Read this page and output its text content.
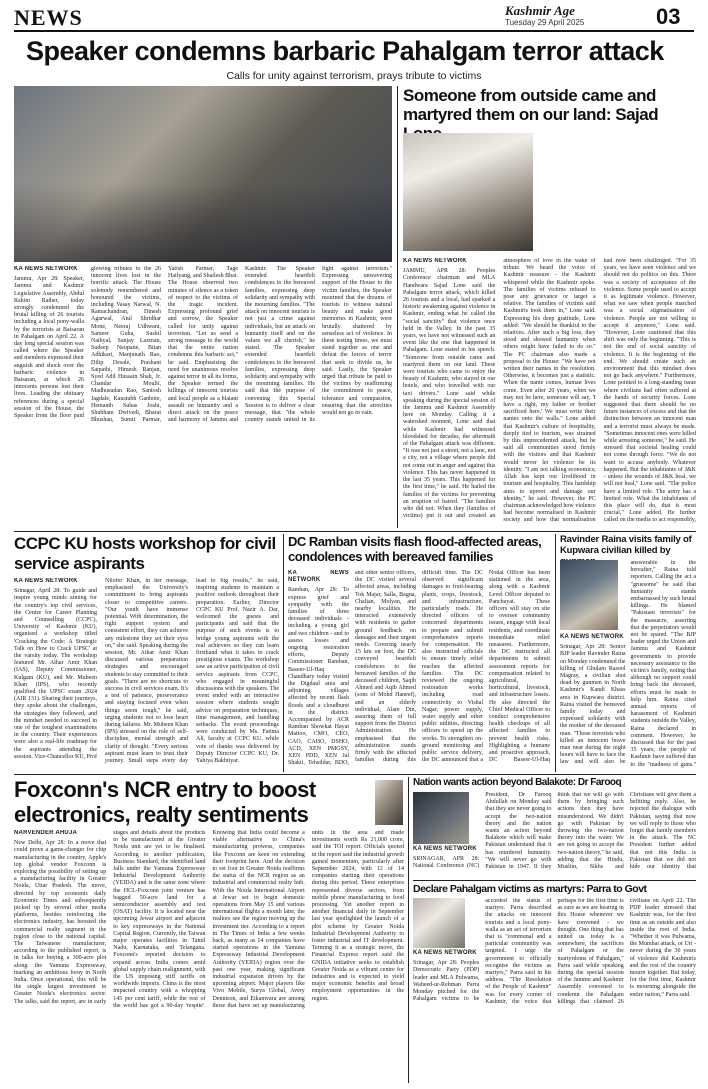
NEWS	Kashmir Age
Tuesday 29 April 2025	03
Speaker condemns barbaric Pahalgam terror attack
Calls for unity against terrorism, prays tribute to victims
KA NEWS NETWORK
Jammu, Apr 28: Speaker, Jammu and Kashmir Legislative Assembly, Abdul Rahim Rather, today strongly condemned the brutal killing of 26 tourists including a local pony-walla by the terrorists at Baisaran in Pahalgam on April 22. A day long special session was called where the Speaker and members expressed their anguish and shock over the barbaric violence in Baisaran, at which 26 innocents persons lost their lives. Leading the obituary references during a special session of the House, the Speaker from the floor paid glowing tributes to the 26 innocent lives lost in the horrific attack. The House solemnly remembered and honoured the victims, including Vasay Narwal, N. Ramachandran, Dinesh Agarwal, Atul Shridhar Mone, Neeraj Udhwani, Sameer Guha, Sushil Nathyal, Sanjay Laxman, Sudeep Neupane, Bitan Adhikari, Manjunath Rao, Dilip Desale, Prashant Satpathi, Himesh Ranjan, Syed Adil Hussain Shah, Jr. Chandar Moulii, Madhusudan Rao, Santosh Jagdale, Kaustubh Ganbote, Hemanth Suhas Joshi, Shubham Dwivedi, Bharat Bhushan, Sumit Parmar, Yatish Parmar, Tage Hailyang, and Shailesh Bhai. The House observed two minutes of silence as a token of respect to the victims of the tragic incident. Expressing profound grief and sorrow, the Speaker called for unity against terrorism. "Let us send a strong message to the world that the entire nation condemns this barbaric act," he said. Emphasising the need for unanimous resolve against terror in all its forms, the Speaker termed the killings of innocent tourists and local people as a blatant assault on humanity and a direct attack on the peace and harmony of Jammu and Kashmir. The Speaker extended heartfelt condolences to the bereaved families, expressing deep solidarity and sympathy with the mourning families. "The attack on innocent tourists is not just a crime against individuals, but an attack on humanity itself and on the values we all cherish," he stated. The Speaker extended heartfelt condolences to the bereaved families, expressing deep solidarity and sympathy with the mourning families. He said that the purpose of convening this Special Session is to deliver a clear message, that "the whole country stands united in its fight against terrorism." Expressing unwavering support of the House to the victim families, the Speaker mourned that the dreams of tourists to witness natural beauty and make good memories in Kashmir, were brutally shattered by senseless act of violence. In these testing times, we must stand together as one and defeat the forces of terror that seek to divide us, he said. Lastly, the Speaker urged that tribute be paid to the victims by reaffirming the commitment to peace, tolerance and compassion, ensuring that the atrocities would not go in vain.
Someone from outside came and martyred them on our land: Sajad
KA NEWS NETWORK
JAMMU, APR 28: Peoples Conference chairman and MLA Handwara Sajad Lone said the Pahalgam terror attack, which killed 26 tourists and a local, had sparked a historic awakening against violence in Kashmir, ending what he called the "social sanctity" that violence once held in the Valley. In the past 35 years, we have not witnessed such an event like the one that happened in Pahalgam. Lone stated in his speech. "Someone from outside came and martyred them on our land. These were tourists who came to enjoy the beauty of Kashmir, who stayed in our hotels, and who travelled with our taxi drivers." Lone said while speaking during the special session of the Jammu and Kashmir Assembly here on Monday. Calling it a watershed moment, Lone said that while Kashmir had witnessed bloodshed for decades, the aftermath of the Pahalgam attack was different. "It was not just a street, not a lane, not a city, not a village where people did not come out in anger and against this violence. This has never happened in the last 35 years. This happened for the first time," he said. He hailed the families of the victims for preventing an eruption of hatred. "The families who did not. When they (families of victims) put it out and created an atmosphere of love in the wake of tribute. We heard the voice of Kashmir reassure - the Kashmir whispered while the Kashmir spoke. The families of victims refused to pose any grievance or target a relative. The families of victims said Kashmiris took them in," Lone said. Expressing his deep gratitude, Lone added: "We should be thankful to the relatives. After such a big loss, they stood and showed humanity when others might have failed to do so." The PC chairman also made a proposal to the House: "We have not written their names in the resolution. Otherwise, it becomes just a statistic. When the name comes, human lives come. Even after 20 years, when we may not be here, someone will say, 'I have a right, my father or brother sacrificed here.' We must write their names onto the walls." Lone added that Kashmir's culture of hospitality, deeply tied to tourism, was strained by this unprecedented attack, but he said all communities stood firmly with the visitors and that Kashmir would never let violence be its identity. "I am not talking economics; Allah has kept our livelihood in tourism and hospitality. This hardship aims to uproot and damage our identity," he said. However, the PC chairman acknowledged how violence had become normalised in Kashmir society and how that normalisation had now been challenged. "For 35 years, we have seen violence and we should not do politics on this. There was a society of acceptance of the violence. Some people used to accept it as legitimate violence. However, what we saw when people marched was a social stigmatisation of violence. People are not willing to accept it anymore," Lone said. "However, Lone cautioned that this shift was only the beginning. "This is not the end of social sanctity of violence. It is the beginning of the end. We should create such an environment that this mindset does not go back anywhere." Furthermore, Lone pointed to a long-standing issue where civilians had often suffered at the hands of security forces. Lone suggested that there should be no future instances of excess and that the distinction between an innocent man and a terrorist must always be made. "Sometimes innocent ones were killed while arresting someone," he said. He stressed that societal healing could not come through force. "We do not want to accuse anybody. Whatever happened. But the inhabitants of J&K - unless the wounds of J&K heal, we will not heal," Lone said. "The police have a limited role. The army has a limited role. What the inhabitants of this place will do, that is most crucial," Lone added. He further called on the media to act responsibly,
CCPC KU hosts workshop for civil service aspirants
KA NEWS NETWORK
Srinagar, April 28: To guide and inspire young minds aiming for the country's top civil services, the Centre for Career Planning and Counselling (CCPC), University of Kashmir (KU), organised a workshop titled 'Cracking the Code: A Strategic Talk on How to Crack UPSC' at the varsity today. The workshop featured Mr. Athar Amir Khan (IAS), Deputy Commissioner, Kulgam (KU), and Mr. Mubeen Khan (IPS), who recently qualified the UPSC exam 2024 (AIR 131). Sharing their journeys, they spoke about the challenges, the strategies they followed, and the mindset needed to succeed in one of the toughest examinations in the country. Their experiences were also a real-life roadmap for the aspirants attending the session. Vice-Chancellor KU, Prof Nilofer Khan, in her message, emphasised the University's commitment to bring aspirants closer to competitive careers. "Our youth have immense potential. With determination, the right support system and consistent effort, they can achieve any milestone they set their eyes on," she said. Speaking during the session, Mr. Athar Amir Khan discussed various preparation strategies and encouraged students to stay committed to their goals. "There are no shortcuts to success in civil services exam. It's a test of patience, perseverance and staying focused even when things seem tough," he said, urging students not to lose heart during failures. Mr. Mubeen Khan (IPS) stressed on the role of self-discipline, mental strength and clarity of thought. "Every serious aspirant must learn to trust their journey. Small steps every day lead to big results," he said, inspiring students to maintain a positive outlook throughout their preparation. Earlier, Director CCPC KU Prof. Nazir A. Dar, welcomed the guests and participants and said that the purpose of such events is to bridge young aspirants with the real achievers so they can learn firsthand what it takes to crack prestigious exams. The workshop saw an active participation of civil service aspirants from CCPC, who engaged in meaningful discussions with the speakers. The event ended with an interactive session where students sought advice on preparation techniques, time management, and handling setbacks. The event proceedings were conducted by Ms. Fatima Ali, faculty at CCPC KU, while vote of thanks was delivered by Deputy Director CCPC KU, Dr. Yahiya Bakhtiyar.
DC Ramban visits flash flood-affected areas, condolences with bereaved families
KA NEWS NETWORK
Ramban, Apr 28: To express grief and sympathy with the families of three deceased individuals - including a young girl and two children - and to assess losses and ongoing restoration efforts, Deputy Commissioner Ramban, Baseer-Ul-Haq Chaudhary today visited the Digdaul area and adjoining villages affected by recent flash floods and a cloudburst in the district. Accompanied by ACR Ramban Showkat Hayat Mattoo, CMO, CEO, CAO, CAHO, DSHO, ACD, XEN PMGSY, XEN PDD, XEN Jal Shakti, Tehsildar, BDO, and other senior officers, the DC visited several affected areas, including Tok Majar, Salla, Bagna, Chalian, Molyan, and nearby localities. He interacted extensively with residents to gather ground feedback on damages and their urgent needs. Covering nearly 15 km on foot, the DC conveyed heartfelt condolences to the bereaved families of the deceased children, Saqib Ahmed and Aqib Ahmed (sons of Mohd Haneef), and an elderly individual, Alam Din, assuring them of full support from the District Administration. He emphasised that the administration stands firmly with the affected families during this difficult time. The DC observed significant damages to fruit-bearing plants, crops, livestock, and infrastructure, particularly roads. He directed officers of concerned departments to prepare and submit comprehensive reports for compensation. He also instructed officials to ensure timely relief reaches the affected families. The DC reviewed the ongoing restoration works including road connectivity to Vishal Nagar, power supply, water supply and other public utilities, directing officers to speed up the works. To strengthen on-ground monitoring and public service delivery, the DC announced that a Nodal Officer has been stationed in the area, along with a Kashmir Level Officer deputed to Panchayat. These officers will stay on site to oversee community issues, engage with local residents, and coordinate immediate relief measures. Furthermore, the DC instructed all departments to submit assessment reports for compensation related to agricultural, horticultural, livestock, and infrastructure losses. He also directed the Chief Medical Officer to conduct comprehensive health checkups of all affected families to prevent health risks. Highlighting a humane and proactive approach, DC Baseer-Ul-Haq
Ravinder Raina visits family of Kupwara civilian killed by
KA NEWS NETWORK
Srinagar, Apr 28: Senior BJP leader Ravinder Raina on Monday condemned the killing of Ghulam Rasool Magray, a civilian shot dead by gunmen in North Kashmir's Kandi Khass area in Kupwara district. Raina visited the bereaved family today and expressed solidarity with the mother of the deceased man. "Those terrorists who killed an innocent brave man near during the night hours will have to face the law and will also be answerable in the hereafter," Raina told reporters. Calling the act a "gruesome" he said that humanity stands embarrassed by such brutal killings. He blamed "Pakistani terrorists" for the massacre, asserting that the perpetrators would not be spared. "The BJP leader urged the Union and Jammu and Kashmir governments to provide necessary assistance to the victim's family, noting that although no support could bring back the deceased, efforts must be made to help him. Raina cited annual reports of harassment of Kashmiri students outside the Valley, Raina declared in comment. However, he discussed that for the past 35 years, the people of Kashmir have suffered due to the "madness of guns."
Foxconn's NCR entry to boost electronics, realty sentiments
NARVENDER AHUJA
New Delhi, Apr 28: In a move that could prove a game-changer for chip manufacturing in the country, Apple's top global vendor Foxconn is exploring the possibility of setting up a manufacturing facility in Greater Noida, Uttar Pradesh. The move, directed by top economic daily Economic Times and subsequently picked up by several other media platforms, besides reinforcing the electronics industry, has boosted the commercial realty segment in the region close to the national capital. The Taiwanese manufacturer, according to the published report, is in talks for buying a 300-acre plot along the Yamuna Expressway, marking an ambitious foray in North India. Once operational, this will be the single largest investment in Greater Noida's electronics sector. The talks, said the report, are in early stages and details about the products to be manufactured at the Greater Noida unit are yet to be finalised. According to another publication, Business Standard, the identified land falls under the Yamuna Expressway Industrial Development Authority (YEIDA) and is the same zone where the HCL-Foxconn joint venture has bagged 50-acre land for a semiconductor assembly and test (OSAT) facility. It is located near the upcoming Jewar airport and adjacent to key expressways in the National Capital Region. Currently, the Taiwan major operates facilities in Tamil Nadu, Karnataka, and Telangana. Foxconn's reported decision to expand across India comes amid global supply chain realignment, with the US imposing stiff tariffs on worldwide imports. China is the most impacted country with a whopping 145 per cent tariff, while the rest of the world has got a 90-day 'respite'. Knowing that India could become a viable alternative to China's manufacturing prowess, companies like Foxconn are keen on extending their footprint here. And the decision to set foot in Greater Noida reaffirms the status of the NCR region as an industrial and commercial realty hub. With the Noida International Airport at Jewar set to begin domestic operations from May 15 and various international flights a month later, the realtors see the region moving up the investment tier. According to a report in The Times of India a few weeks back, as many as 14 companies have started operations in the Yamuna Expressway Industrial Development Authority (YEIDA) region over the past one year, making significant industrial expansion driven by the upcoming airport. Major players like Vivo Mobile, Surya Global, Avery Dennison, and Eikamvara are among those that have set up manufacturing units in the area and made investments worth Rs 21,000 crore, said the TOI report. Officials quoted in the report said the industrial growth gained momentum, particularly after September 2024, with 12 of 14 companies starting their operations during this period. These enterprises represented diverse sectors, from mobile phone manufacturing to food processing. Yet another report in another financial daily in September last year spotlighted the launch of a plot scheme by Greater Noida Industrial Development Authority to foster industrial and IT development. Terming it as a strategic move, the Financial Express report said the GNIDA initiative seeks to establish Greater Noida as a vibrant centre for industries and is expected to yield major economic benefits and broad employment opportunities in the region.
Nation wants action beyond Balakote: Dr Farooq
KA NEWS NETWORK
SRINAGAR, APR 28: National Conference (NC) President, Dr Farooq Abdullah on Monday said that they are never going to accept the two-nation theory and the nation wants an action beyond Balakote which will make Pakistan understand that it has murdered humanity. "We will never go with Pakistan in 1947. If they think that we will go with them by bringing such actions then they have misunderstood. We didn't go with Pakistan by throwing the two-nation theory into the water. We are not going to accept the two-nation theory," he said, adding that the Hindu, Muslim, Sikhs and Christians will give them a befitting reply. Also, he rejected the dialogue with Pakistan, saying that now we will reply to those who forget that family members in the attack. The NC President further added that not this India is Pakistan that we did not hide our identity that
Declare Pahalgam victims as martyrs: Parra to Govt
KA NEWS NETWORK
Srinagar, Apr 28: Peoples Democratic Party (PDP) leader and MLA Pulwama, Waheed-ur-Rehman Parra Monday pitched for the Pahalgam victims to be accorded the status of martyrs. Parra described the attacks on innocent tourists and a local pony-walla as an act of terrorism that is "communal and a particular community was targeted. I urge the government to officially recognise the victims as martyrs," Parra said in his address. "The Resolution of the People of Kashmir" was for every corner of Kashmir, the voice that perhaps for the first time is as sure as we are hearing in this House whenever we have convened - we thought. One thing that has united us today is a somewhere, the sacrifices of Pahalgam or the martyrdoms of Pahalgam," Parra said while speaking during the special session of the Jammu and Kashmir Assembly convened to condemn the Pahalgam killings that claimed 26 civilians on April 22. The PDP leader stressed that Kashmir was, for the first time as an outside and also inside the root of India. "Whether it was Pulwama, the Mumbai attack, or Uri - never during the 30 years of violence did Kashmiris and the rest of the country mourn together. But today, for the first time, Kashmir is mourning alongside the entire nation," Parra said.
